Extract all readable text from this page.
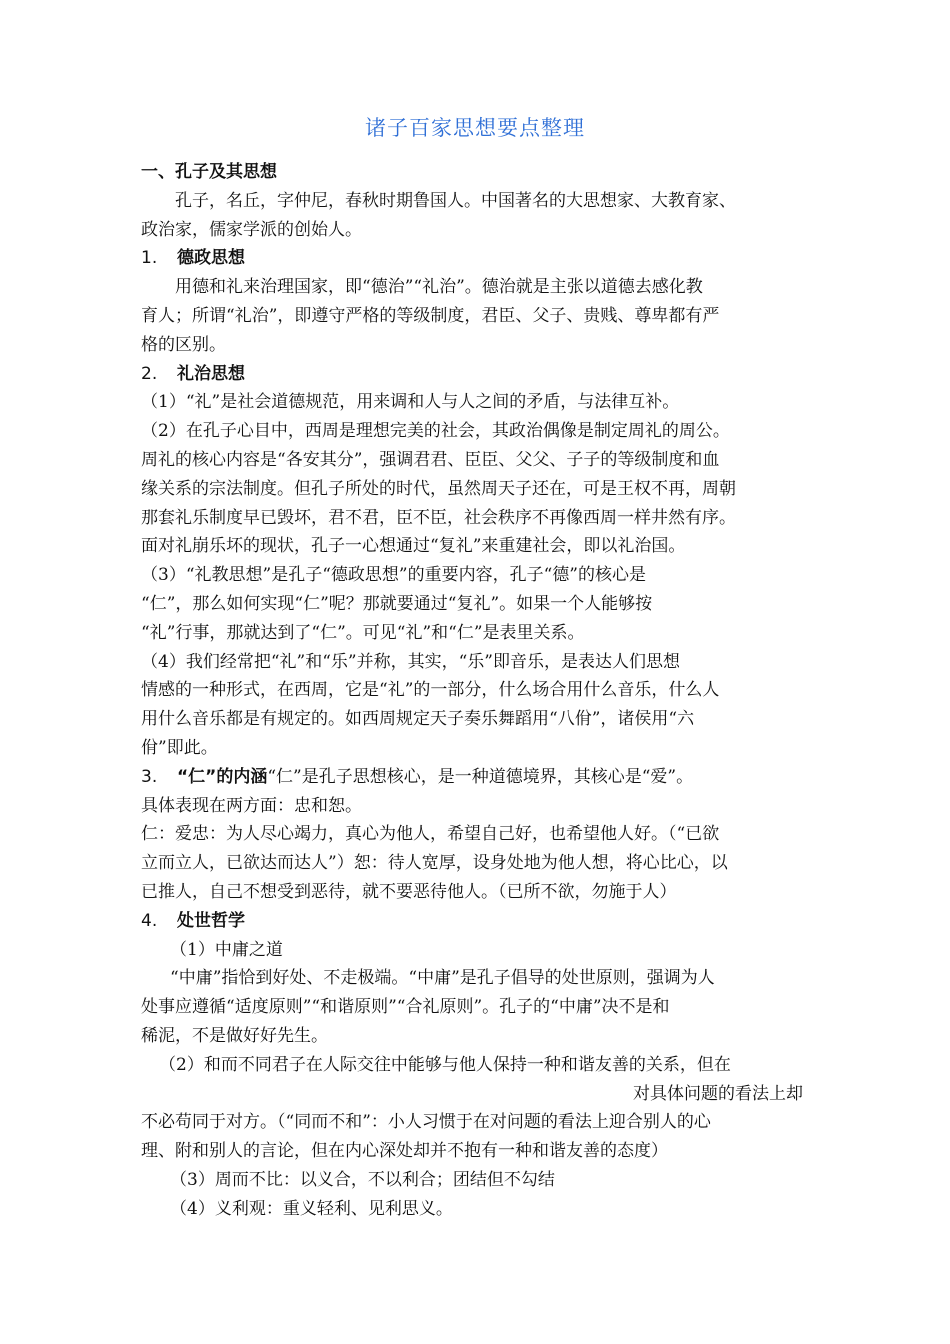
诸子百家思想要点整理
一、孔子及其思想
孔子，名丘，字仲尼，春秋时期鲁国人。中国著名的大思想家、大教育家、
政治家，儒家学派的创始人。
1. 德政思想
用德和礼来治理国家，即“德治”“礼治”。德治就是主张以道德去感化教
育人；所谓“礼治”，即遵守严格的等级制度，君臣、父子、贵贱、尊卑都有严
格的区别。
2. 礼治思想
（1）“礼”是社会道德规范，用来调和人与人之间的矛盾，与法律互补。
（2）在孔子心目中，西周是理想完美的社会，其政治偶像是制定周礼的周公。
周礼的核心内容是“各安其分”，强调君君、臣臣、父父、子子的等级制度和血
缘关系的宗法制度。但孔子所处的时代，虽然周天子还在，可是王权不再，周朝
那套礼乐制度早已毁坏，君不君，臣不臣，社会秩序不再像西周一样井然有序。
面对礼崩乐坏的现状，孔子一心想通过“复礼”来重建社会，即以礼治国。
（3）“礼教思想”是孔子“德政思想”的重要内容，孔子“德”的核心是
“仁”，那么如何实现“仁”呢？那就要通过“复礼”。如果一个人能够按
“礼”行事，那就达到了“仁”。可见“礼”和“仁”是表里关系。
（4）我们经常把“礼”和“乐”并称，其实，“乐”即音乐，是表达人们思想
情感的一种形式，在西周，它是“礼”的一部分，什么场合用什么音乐，什么人
用什么音乐都是有规定的。如西周规定天子奏乐舞蹈用“八佾”，诸侯用“六
佾”即此。
3. “仁”的内涵“仁”是孔子思想核心，是一种道德境界，其核心是“爱”。
具体表现在两方面：忠和恕。
仁：爱忠：为人尽心竭力，真心为他人，希望自己好，也希望他人好。（“已欲
立而立人，已欲达而达人”）恕：待人宽厚，设身处地为他人想，将心比心，以
已推人，自己不想受到恶待，就不要恶待他人。（已所不欲，勿施于人）
4. 处世哲学
（1）中庸之道
“中庸”指恰到好处、不走极端。“中庸”是孔子倡导的处世原则，强调为人
处事应遵循“适度原则”“和谐原则”“合礼原则”。孔子的“中庸”决不是和
稀泥，不是做好好先生。
（2）和而不同君子在人际交往中能够与他人保持一种和谐友善的关系，但在
对具体问题的看法上却
不必苟同于对方。（“同而不和”：小人习惯于在对问题的看法上迎合别人的心
理、附和别人的言论，但在内心深处却并不抱有一种和谐友善的态度）
（3）周而不比：以义合，不以利合；团结但不勾结
（4）义利观：重义轻利、见利思义。
